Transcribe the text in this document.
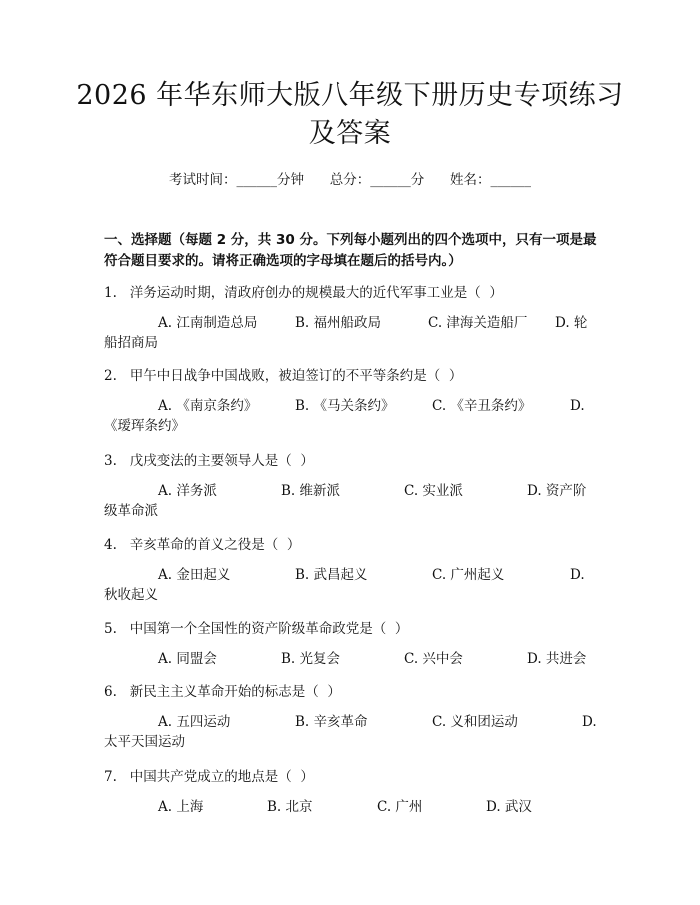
2026 年华东师大版八年级下册历史专项练习
及答案
考试时间：______分钟 总分：______分 姓名：______
一、选择题（每题 2 分，共 30 分。下列每小题列出的四个选项中，只有一项是最符合题目要求的。请将正确选项的字母填在题后的括号内。）
1.   洋务运动时期，清政府创办的规模最大的近代军事工业是（  ）
A. 江南制造总局	B. 福州船政局	C. 津海关造船厂 D. 轮
船招商局
2.   甲午中日战争中国战败，被迫签订的不平等条约是（  ）
A. 《南京条约》	B. 《马关条约》	C. 《辛丑条约》	D.
《瑷珲条约》
3.   戊戌变法的主要领导人是（  ）
A. 洋务派	B. 维新派	C. 实业派	D. 资产阶
级革命派
4.   辛亥革命的首义之役是（  ）
A. 金田起义	B. 武昌起义	C. 广州起义	D.
秋收起义
5.   中国第一个全国性的资产阶级革命政党是（  ）
A. 同盟会	B. 光复会	C. 兴中会	D. 共进会
6.   新民主主义革命开始的标志是（  ）
A. 五四运动	B. 辛亥革命	C. 义和团运动	D.
太平天国运动
7.   中国共产党成立的地点是（  ）
A. 上海	B. 北京	C. 广州	D. 武汉
